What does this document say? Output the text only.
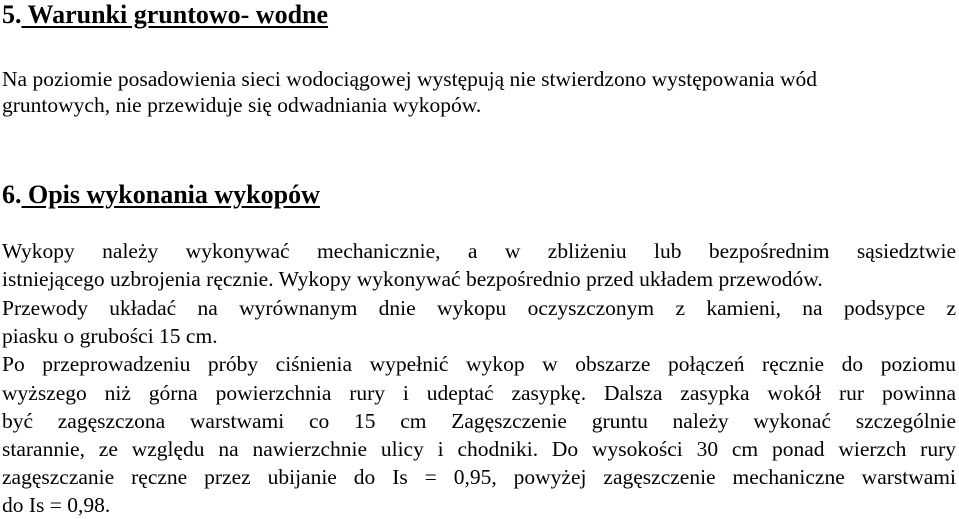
5. Warunki gruntowo- wodne
Na poziomie posadowienia sieci wodociągowej występują nie stwierdzono występowania wód
gruntowych, nie przewiduje się odwadniania wykopów.
6. Opis wykonania wykopów
Wykopy należy wykonywać mechanicznie, a w zbliżeniu lub bezpośrednim sąsiedztwie
istniejącego uzbrojenia ręcznie. Wykopy wykonywać bezpośrednio przed układem przewodów.
Przewody układać na wyrównanym dnie wykopu oczyszczonym z kamieni, na podsypce z
piasku o grubości 15 cm.
Po przeprowadzeniu próby ciśnienia wypełnić wykop w obszarze połączeń ręcznie do poziomu
wyższego niż górna powierzchnia rury i udeptać zasypkę. Dalsza zasypka wokół rur powinna
być zagęszczona warstwami co 15 cm Zagęszczenie gruntu należy wykonać szczególnie
starannie, ze względu na nawierzchnie ulicy i chodniki. Do wysokości 30 cm ponad wierzch rury
zagęszczanie ręczne przez ubijanie do Is = 0,95, powyżej zagęszczenie mechaniczne warstwami
do Is = 0,98.
